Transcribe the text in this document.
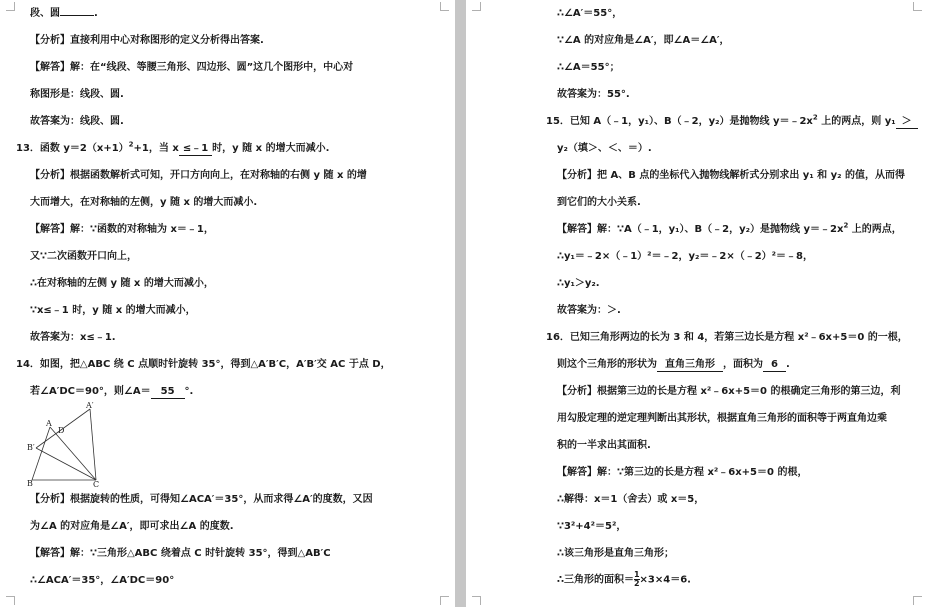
段、圆	.
【分析】直接利用中心对称图形的定义分析得出答案.
【解答】解：在“线段、等腰三角形、四边形、圆”这几个图形中，中心对
称图形是：线段、圆.
故答案为：线段、圆.
13．函数 $y=2(x+1)^2+1$，当 x ≤﹣1 时，y 随 x 的增大而减小.
【分析】根据函数解析式可知，开口方向向上，在对称轴的右侧 y 随 x 的增
大而增大，在对称轴的左侧，y 随 x 的增大而减小.
【解答】解：∵函数的对称轴为 x＝﹣1，
又∵二次函数开口向上，
∴在对称轴的左侧 y 随 x 的增大而减小，
∵x≤﹣1 时，y 随 x 的增大而减小，
故答案为：x≤﹣1.
14．如图，把△ABC 绕 C 点顺时针旋转 35°，得到△A′B′C，A′B′交 AC 于点 D，
若∠A′DC＝90°，则∠A＝ 55 °.
A′
A
D
B′
B	C
【分析】根据旋转的性质，可得知∠ACA′＝35°，从而求得∠A′的度数，又因
为∠A 的对应角是∠A′，即可求出∠A 的度数.
【解答】解：∵三角形△ABC 绕着点 C 时针旋转 35°，得到△AB′C
∴∠ACA′＝35°，∠A′DC＝90°
∴∠A′＝55°，
∵∠A 的对应角是∠A′，即∠A＝∠A′，
∴∠A＝55°；
故答案为：55°.
15．已知 A（﹣1，y₁）、B（﹣2，y₂）是抛物线 $y=﹣2x^2$ 上的两点，则 y₁ ＞
y₂（填＞、＜、＝）.
【分析】把 A、B 点的坐标代入抛物线解析式分别求出 y₁ 和 y₂ 的值，从而得
到它们的大小关系.
【解答】解：∵A（﹣1，y₁）、B（﹣2，y₂）是抛物线 $y=﹣2x^2$ 上的两点，
∴y₁＝﹣2×（﹣1）²＝﹣2，y₂＝﹣2×（﹣2）²＝﹣8，
∴y₁＞y₂.
故答案为：＞.
16．已知三角形两边的长为 3 和 4，若第三边长是方程 x²﹣6x+5＝0 的一根，
则这个三角形的形状为 直角三角形 ，面积为 6 .
【分析】根据第三边的长是方程 x²﹣6x+5＝0 的根确定三角形的第三边，利
用勾股定理的逆定理判断出其形状，根据直角三角形的面积等于两直角边乘
积的一半求出其面积.
【解答】解：∵第三边的长是方程 x²﹣6x+5＝0 的根，
∴解得：x＝1（舍去）或 x＝5，
∵3²+4²＝5²，
∴该三角形是直角三角形；
∴三角形的面积＝ $\frac{1}{2} \times 3\times 4=6$.
